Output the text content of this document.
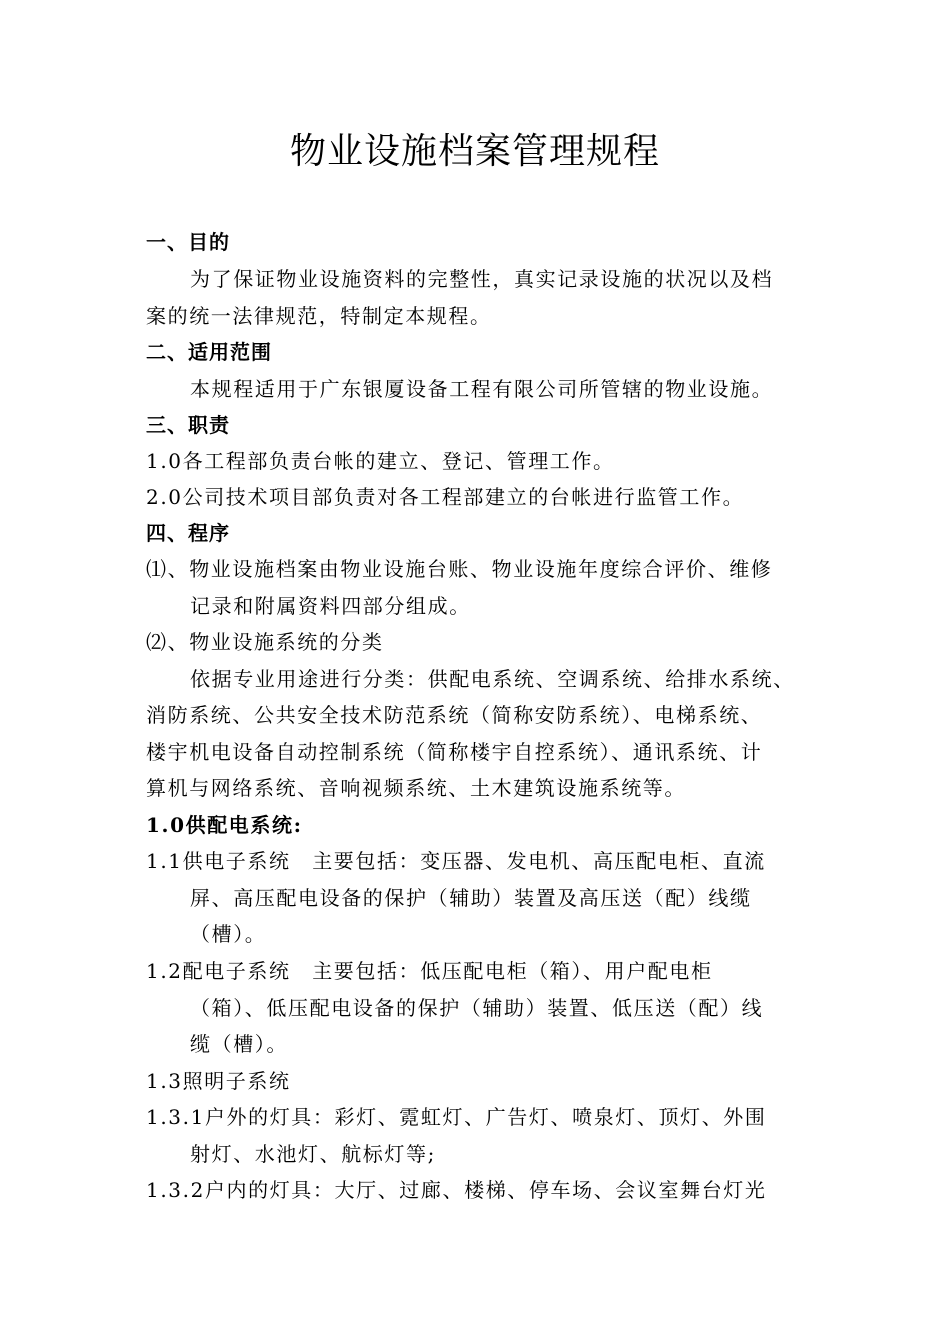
物业设施档案管理规程
一、目的
为了保证物业设施资料的完整性，真实记录设施的状况以及档
案的统一法律规范，特制定本规程。
二、适用范围
本规程适用于广东银厦设备工程有限公司所管辖的物业设施。
三、职责
1.0各工程部负责台帐的建立、登记、管理工作。
2.0公司技术项目部负责对各工程部建立的台帐进行监管工作。
四、程序
⑴、物业设施档案由物业设施台账、物业设施年度综合评价、维修
记录和附属资料四部分组成。
⑵、物业设施系统的分类
依据专业用途进行分类：供配电系统、空调系统、给排水系统、
消防系统、公共安全技术防范系统（简称安防系统）、电梯系统、
楼宇机电设备自动控制系统（简称楼宇自控系统）、通讯系统、计
算机与网络系统、音响视频系统、土木建筑设施系统等。
1.0供配电系统:
1.1供电子系统　主要包括：变压器、发电机、高压配电柜、直流
屏、高压配电设备的保护（辅助）装置及高压送（配）线缆
（槽）。
1.2配电子系统　主要包括：低压配电柜（箱）、用户配电柜
（箱）、低压配电设备的保护（辅助）装置、低压送（配）线
缆（槽）。
1.3照明子系统
1.3.1户外的灯具：彩灯、霓虹灯、广告灯、喷泉灯、顶灯、外围
射灯、水池灯、航标灯等;
1.3.2户内的灯具：大厅、过廊、楼梯、停车场、会议室舞台灯光
